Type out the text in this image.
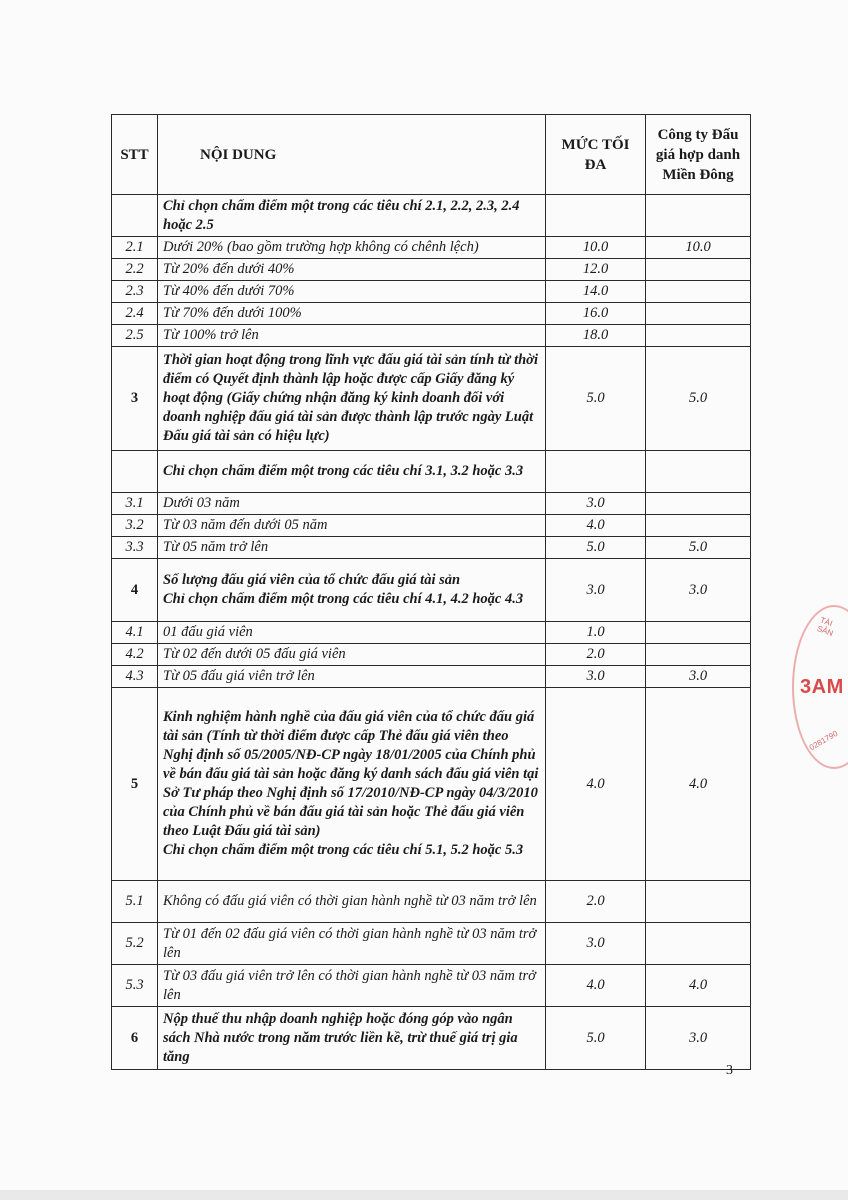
STT	NỘI DUNG	MỨC TỐI ĐA	Công ty Đấu giá hợp danh Miền Đông
	Chỉ chọn chấm điểm một trong các tiêu chí 2.1, 2.2, 2.3, 2.4 hoặc 2.5		
2.1	Dưới 20% (bao gồm trường hợp không có chênh lệch)	10.0	10.0
2.2	Từ 20% đến dưới 40%	12.0	
2.3	Từ 40% đến dưới 70%	14.0	
2.4	Từ 70% đến dưới 100%	16.0	
2.5	Từ 100% trở lên	18.0	
3	Thời gian hoạt động trong lĩnh vực đấu giá tài sản tính từ thời điểm có Quyết định thành lập hoặc được cấp Giấy đăng ký hoạt động (Giấy chứng nhận đăng ký kinh doanh đối với doanh nghiệp đấu giá tài sản được thành lập trước ngày Luật Đấu giá tài sản có hiệu lực)	5.0	5.0
	Chỉ chọn chấm điểm một trong các tiêu chí 3.1, 3.2 hoặc 3.3		
3.1	Dưới 03 năm	3.0	
3.2	Từ 03 năm đến dưới 05 năm	4.0	
3.3	Từ 05 năm trở lên	5.0	5.0
4	Số lượng đấu giá viên của tổ chức đấu giá tài sản
Chỉ chọn chấm điểm một trong các tiêu chí 4.1, 4.2 hoặc 4.3	3.0	3.0
4.1	01 đấu giá viên	1.0	
4.2	Từ 02 đến dưới 05 đấu giá viên	2.0	
4.3	Từ 05 đấu giá viên trở lên	3.0	3.0
5	Kinh nghiệm hành nghề của đấu giá viên của tổ chức đấu giá tài sản (Tính từ thời điểm được cấp Thẻ đấu giá viên theo Nghị định số 05/2005/NĐ-CP ngày 18/01/2005 của Chính phủ về bán đấu giá tài sản hoặc đăng ký danh sách đấu giá viên tại Sở Tư pháp theo Nghị định số 17/2010/NĐ-CP ngày 04/3/2010 của Chính phủ về bán đấu giá tài sản hoặc Thẻ đấu giá viên theo Luật Đấu giá tài sản)
Chỉ chọn chấm điểm một trong các tiêu chí 5.1, 5.2 hoặc 5.3	4.0	4.0
5.1	Không có đấu giá viên có thời gian hành nghề từ 03 năm trở lên	2.0	
5.2	Từ 01 đến 02 đấu giá viên có thời gian hành nghề từ 03 năm trở lên	3.0	
5.3	Từ 03 đấu giá viên trở lên có thời gian hành nghề từ 03 năm trở lên	4.0	4.0
6	Nộp thuế thu nhập doanh nghiệp hoặc đóng góp vào ngân sách Nhà nước trong năm trước liền kề, trừ thuế giá trị gia tăng	5.0	3.0
TÀI SẢN
3AM
0281790
3
